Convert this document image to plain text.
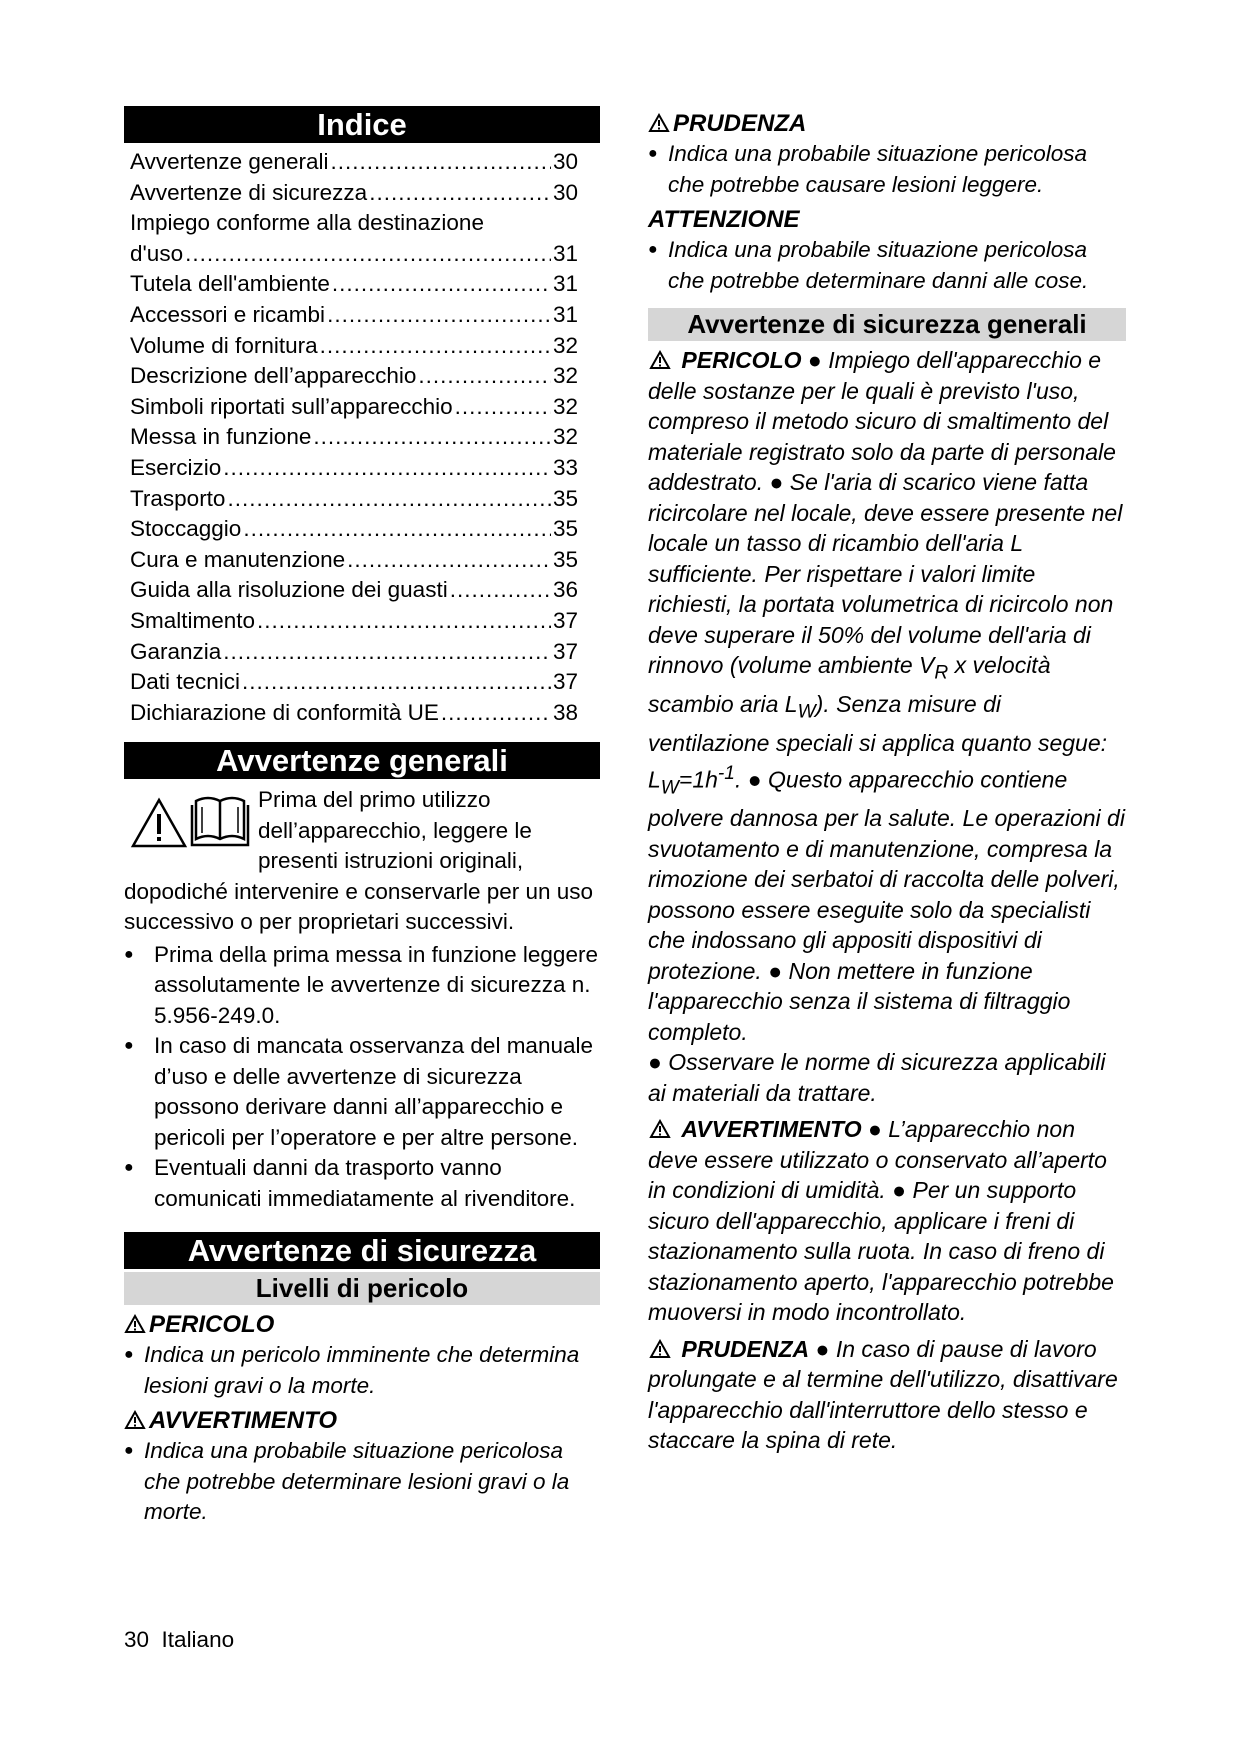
Indice
Avvertenze generali .....	30
Avvertenze di sicurezza .....	30
Impiego conforme alla destinazione
d'uso .....	31
Tutela dell'ambiente .....	31
Accessori e ricambi .....	31
Volume di fornitura .....	32
Descrizione dell’apparecchio .....	32
Simboli riportati sull’apparecchio .....	32
Messa in funzione .....	32
Esercizio .....	33
Trasporto .....	35
Stoccaggio .....	35
Cura e manutenzione .....	35
Guida alla risoluzione dei guasti .....	36
Smaltimento .....	37
Garanzia .....	37
Dati tecnici .....	37
Dichiarazione di conformità UE .....	38
Avvertenze generali

Prima del primo utilizzo dell’apparecchio, leggere le presenti istruzioni originali, dopodiché intervenire e conservarle per un uso successivo o per proprietari successivi.

● Prima della prima messa in funzione leggere assolutamente le avvertenze di sicurezza n. 5.956-249.0.
● In caso di mancata osservanza del manuale d’uso e delle avvertenze di sicurezza possono derivare danni all’apparecchio e pericoli per l’operatore e per altre persone.
● Eventuali danni da trasporto vanno comunicati immediatamente al rivenditore.
Avvertenze di sicurezza
Livelli di pericolo
PERICOLO
● Indica un pericolo imminente che determina lesioni gravi o la morte.
AVVERTIMENTO
● Indica una probabile situazione pericolosa che potrebbe determinare lesioni gravi o la morte.
PRUDENZA
● Indica una probabile situazione pericolosa che potrebbe causare lesioni leggere.
ATTENZIONE
● Indica una probabile situazione pericolosa che potrebbe determinare danni alle cose.
Avvertenze di sicurezza generali

PERICOLO ● Impiego dell'apparecchio e delle sostanze per le quali è previsto l'uso, compreso il metodo sicuro di smaltimento del materiale registrato solo da parte di personale addestrato. ● Se l'aria di scarico viene fatta ricircolare nel locale, deve essere presente nel locale un tasso di ricambio dell'aria L sufficiente. Per rispettare i valori limite richiesti, la portata volumetrica di ricircolo non deve superare il 50% del volume dell'aria di rinnovo (volume ambiente $V_R$ x velocità scambio aria $L_W$). Senza misure di ventilazione speciali si applica quanto segue: $L_W=1h^{-1}$. ● Questo apparecchio contiene polvere dannosa per la salute. Le operazioni di svuotamento e di manutenzione, compresa la rimozione dei serbatoi di raccolta delle polveri, possono essere eseguite solo da specialisti che indossano gli appositi dispositivi di protezione. ● Non mettere in funzione l'apparecchio senza il sistema di filtraggio completo.
● Osservare le norme di sicurezza applicabili ai materiali da trattare.

AVVERTIMENTO ● L’apparecchio non deve essere utilizzato o conservato all’aperto in condizioni di umidità. ● Per un supporto sicuro dell'apparecchio, applicare i freni di stazionamento sulla ruota. In caso di freno di stazionamento aperto, l'apparecchio potrebbe muoversi in modo incontrollato.

PRUDENZA ● In caso di pause di lavoro prolungate e al termine dell'utilizzo, disattivare l'apparecchio dall'interruttore dello stesso e staccare la spina di rete.

30 Italiano
